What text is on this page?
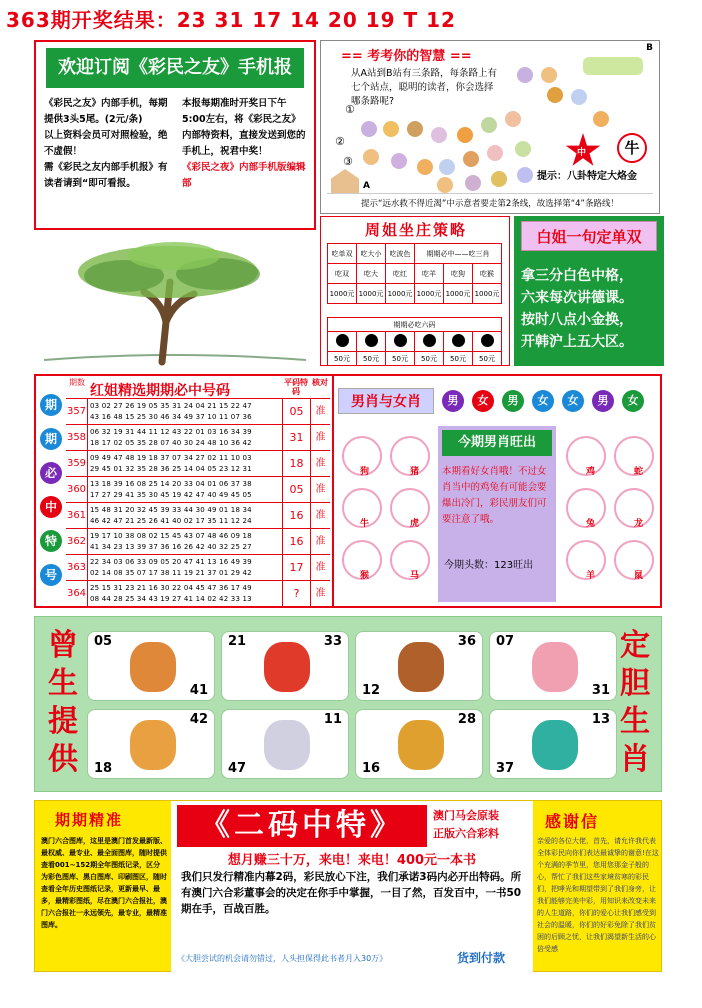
363期开奖结果：23 31 17 14 20 19 T 12
欢迎订阅《彩民之友》手机报
《彩民之友》内部手机，每期提供3头5尾。(2元/条)
以上资料会员可对照检验，绝不虚假！
需《彩民之友内部手机报》有读者请到“即可看报。
本报每期准时开奖日下午5:00左右，将《彩民之友》内部特资料，直接发送到您的手机上，祝君中奖！
《彩民之夜》内部手机版编辑部
== 考考你的智慧 ==
B
从A站到B站有三条路，每条路上有七个站点，聪明的读者，你会选择哪条路呢?
A
①
②
③
中	牛
提示：八卦特定大烙金
提示“远水救不得近渴”中示意者要走第2条线，故选择第“4”条路线！
周姐坐庄策略
吃单双	吃大小	吃波色	期期必中——吃三肖		
吃双	吃大	吃红	吃羊	吃狗	吃猴
1000元	1000元	1000元	1000元	1000元	1000元
期期必吃六码					

50元	50元	50元	50元	50元	50元
白姐一句定单双
拿三分白色中格，
六来每次讲德课。
按时八点小金换，
开韩沪上五大区。
期
期
必
中
特
号
期数
红姐精选期期必中号码
平码特码
核对
357 03 02 27 26 19 05 35 31 24 04 21 15 22 47
43 16 48 15 25 30 46 34 49 37 10 11 07 36	05	准
358 06 32 19 31 44 11 12 43 22 01 03 16 34 39
18 17 02 05 35 28 07 40 30 24 48 10 36 42	31	准
359 09 49 47 48 19 18 37 07 34 27 02 11 10 03
29 45 01 32 35 28 36 25 14 04 05 23 12 31	18	准
360 13 18 39 16 08 25 14 20 33 04 01 06 37 38
17 27 29 41 35 30 45 19 42 47 40 49 45 05	05	准
361 15 48 31 20 32 45 39 33 44 30 49 01 18 34
46 42 47 21 25 26 41 40 02 17 35 11 12 24	16	准
362 19 17 10 38 08 02 15 45 43 07 48 46 09 18
41 34 23 13 39 37 36 16 26 42 40 32 25 27	16	准
363 22 34 03 06 33 09 05 20 47 41 13 16 49 39
02 14 08 35 07 17 38 11 19 21 37 01 29 42	17	准
364 25 15 31 23 21 16 30 22 04 45 47 36 17 49
08 44 28 25 34 43 19 27 41 14 02 42 33 13	?	准
男肖与女肖	男	女	男	女	女	男	女
狗	猪
牛	虎
猴	马
今期男肖旺出
本期看好女肖哦！不过女肖当中的鸡兔有可能会要爆出冷门，彩民朋友们可要注意了哦。
今期头数：123旺出
鸡	蛇
兔	龙
羊	鼠
曾
生
提
供
定
胆
生
肖
05
41
21	33	36
12
07
31
42
18
11
47
28
16
13
37
期期精准
澳门六合图库，这里是澳门首发最新版、最权威、最专业、最全面图库，随时提供查看001~152期全年图纸记录，区分为彩色图库、黑白图库、印刷图区，随时查看全年历史图纸记录，更新最早、最多，最精彩图纸，尽在澳门六合报社，澳门六合报社一永远领先，最专业，最精准图库。
《二码中特》	澳门马会原装
正版六合彩料
想月赚三十万，来电！来电！400元一本书
我们只发行精准内幕2码，彩民放心下注，我们承诺3码内必开出特码。所有澳门六合彩董事会的决定在你手中掌握，一目了然，百发百中，一书50期在手，百战百胜。
《大胆尝试的机会请勿错过，人头担保得此书者月入30万》	货到付款
感谢信
亲爱的各位大佬，首先，请允许我代表全体彩民向你们表达最诚挚的谢意!在这个充满的季节里，您用您那金子般的心，帮忙了我们这些家境贫寒的彩民们，把哮光和期望带到了我们身旁，让我们能够完美中彩，用知识来改变未来的人生道路，你们的爱心让我们感受到社会的温暖，你们的好彩免除了我们贫困的后顾之忧，让我们渴望新生活的心倍受感
